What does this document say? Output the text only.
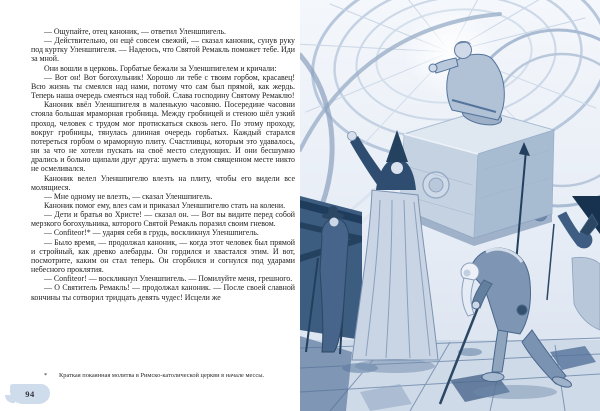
— Ощупайте, отец каноник, — ответил Уленшпигель.

— Действительно, он ещё совсем свежий, — сказал каноник, сунув руку под куртку Уленшпигеля. — Надеюсь, что Святой Ремакль поможет тебе. Иди за мной.

Они вошли в церковь. Горбатые бежали за Уленшпигелем и кричали:

— Вот он! Вот богохульник! Хорошо ли тебе с твоим горбом, красавец! Всю жизнь ты смеялся над нами, потому что сам был прямой, как жердь. Теперь наша очередь смеяться над тобой. Слава господину Святому Ремаклю!

Каноник ввёл Уленшпигеля в маленькую часовню. Посередине часовни стояла большая мраморная гробница. Между гробницей и стеною шёл узкий проход, человек с трудом мог протискаться сквозь него. По этому проходу, вокруг гробницы, тянулась длинная очередь горбатых. Каждый старался потереться горбом о мраморную плиту. Счастливцы, которым это удавалось, ни за что не хотели пускать на своё место следующих. И они бесшумно дрались и больно щипали друг друга: шуметь в этом священном месте никто не осмеливался.

Каноник велел Уленшпигелю влезть на плиту, чтобы его видели все молящиеся.

— Мне одному не влезть, — сказал Уленшпигель.

Каноник помог ему, влез сам и приказал Уленшпигелю стать на колени.

— Дети и братья во Христе! — сказал он. — Вот вы видите перед собой мерзкого богохульника, которого Святой Ремакль поразил своим гневом.

— Confiteor!* — ударяя себя в грудь, воскликнул Уленшпигель.

— Было время, — продолжал каноник, — когда этот человек был прямой и стройный, как древко алебарды. Он гордился и хвастался этим. И вот, посмотрите, каким он стал теперь. Он сгорбился и согнулся под ударами небесного проклятия.

— Confiteor! — воскликнул Уленшпигель. — Помилуйте меня, грешного.

— О Святитель Ремакль! — продолжал каноник. — После своей славной кончины ты сотворил тридцать девять чудес! Исцели же

*	Краткая покаянная молитва в Римско-католической церкви в начале мессы.
94
